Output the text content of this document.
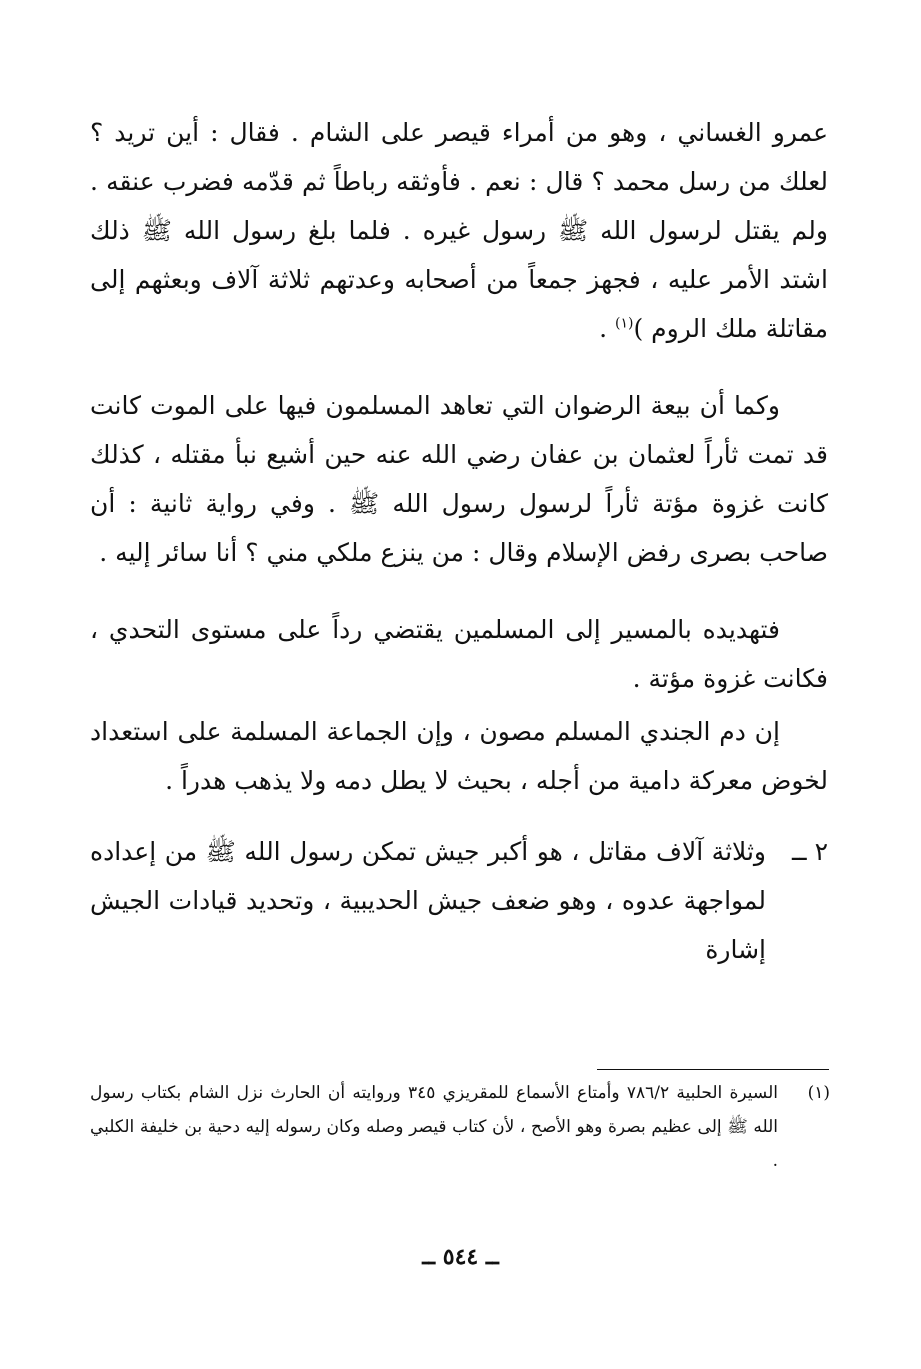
عمرو الغساني ، وهو من أمراء قيصر على الشام . فقال : أين تريد ؟ لعلك من رسل محمد ؟ قال : نعم . فأوثقه رباطاً ثم قدّمه فضرب عنقه . ولم يقتل لرسول الله ﷺ رسول غيره . فلما بلغ رسول الله ﷺ ذلك اشتد الأمر عليه ، فجهز جمعاً من أصحابه وعدتهم ثلاثة آلاف وبعثهم إلى مقاتلة ملك الروم )$^{(١)}$ .

وكما أن بيعة الرضوان التي تعاهد المسلمون فيها على الموت كانت قد تمت ثأراً لعثمان بن عفان رضي الله عنه حين أشيع نبأ مقتله ، كذلك كانت غزوة مؤتة ثأراً لرسول رسول الله ﷺ . وفي رواية ثانية : أن صاحب بصرى رفض الإسلام وقال : من ينزع ملكي مني ؟ أنا سائر إليه .

فتهديده بالمسير إلى المسلمين يقتضي رداً على مستوى التحدي ، فكانت غزوة مؤتة .

إن دم الجندي المسلم مصون ، وإن الجماعة المسلمة على استعداد لخوض معركة دامية من أجله ، بحيث لا يطل دمه ولا يذهب هدراً .

٢ ــ
وثلاثة آلاف مقاتل ، هو أكبر جيش تمكن رسول الله ﷺ من إعداده لمواجهة عدوه ، وهو ضعف جيش الحديبية ، وتحديد قيادات الجيش إشارة
(١)
السيرة الحلبية ٧٨٦/٢ وأمتاع الأسماع للمقريزي ٣٤٥ وروايته أن الحارث نزل الشام بكتاب رسول الله ﷺ إلى عظيم بصرة وهو الأصح ، لأن كتاب قيصر وصله وكان رسوله إليه دحية بن خليفة الكلبي .
ــ ٥٤٤ ــ
